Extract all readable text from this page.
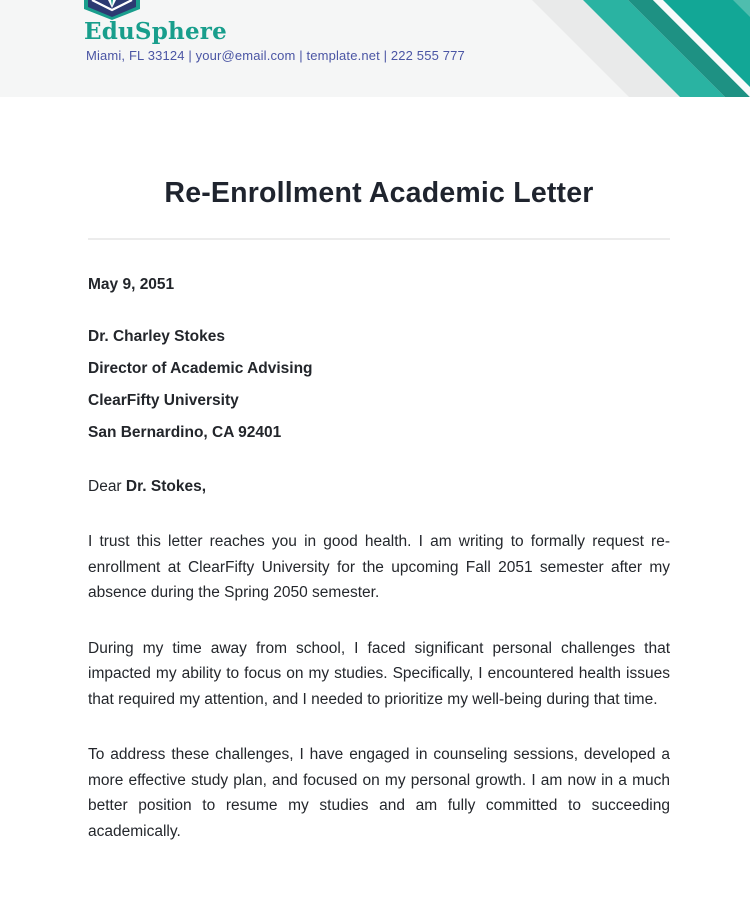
EduSphere
Miami, FL 33124 | your@email.com | template.net | 222 555 777
Re-Enrollment Academic Letter

May 9, 2051

Dr. Charley Stokes

Director of Academic Advising

ClearFifty University

San Bernardino, CA 92401

Dear Dr. Stokes,

I trust this letter reaches you in good health. I am writing to formally request re-enrollment at ClearFifty University for the upcoming Fall 2051 semester after my absence during the Spring 2050 semester.

During my time away from school, I faced significant personal challenges that impacted my ability to focus on my studies. Specifically, I encountered health issues that required my attention, and I needed to prioritize my well-being during that time.

To address these challenges, I have engaged in counseling sessions, developed a more effective study plan, and focused on my personal growth. I am now in a much better position to resume my studies and am fully committed to succeeding academically.
